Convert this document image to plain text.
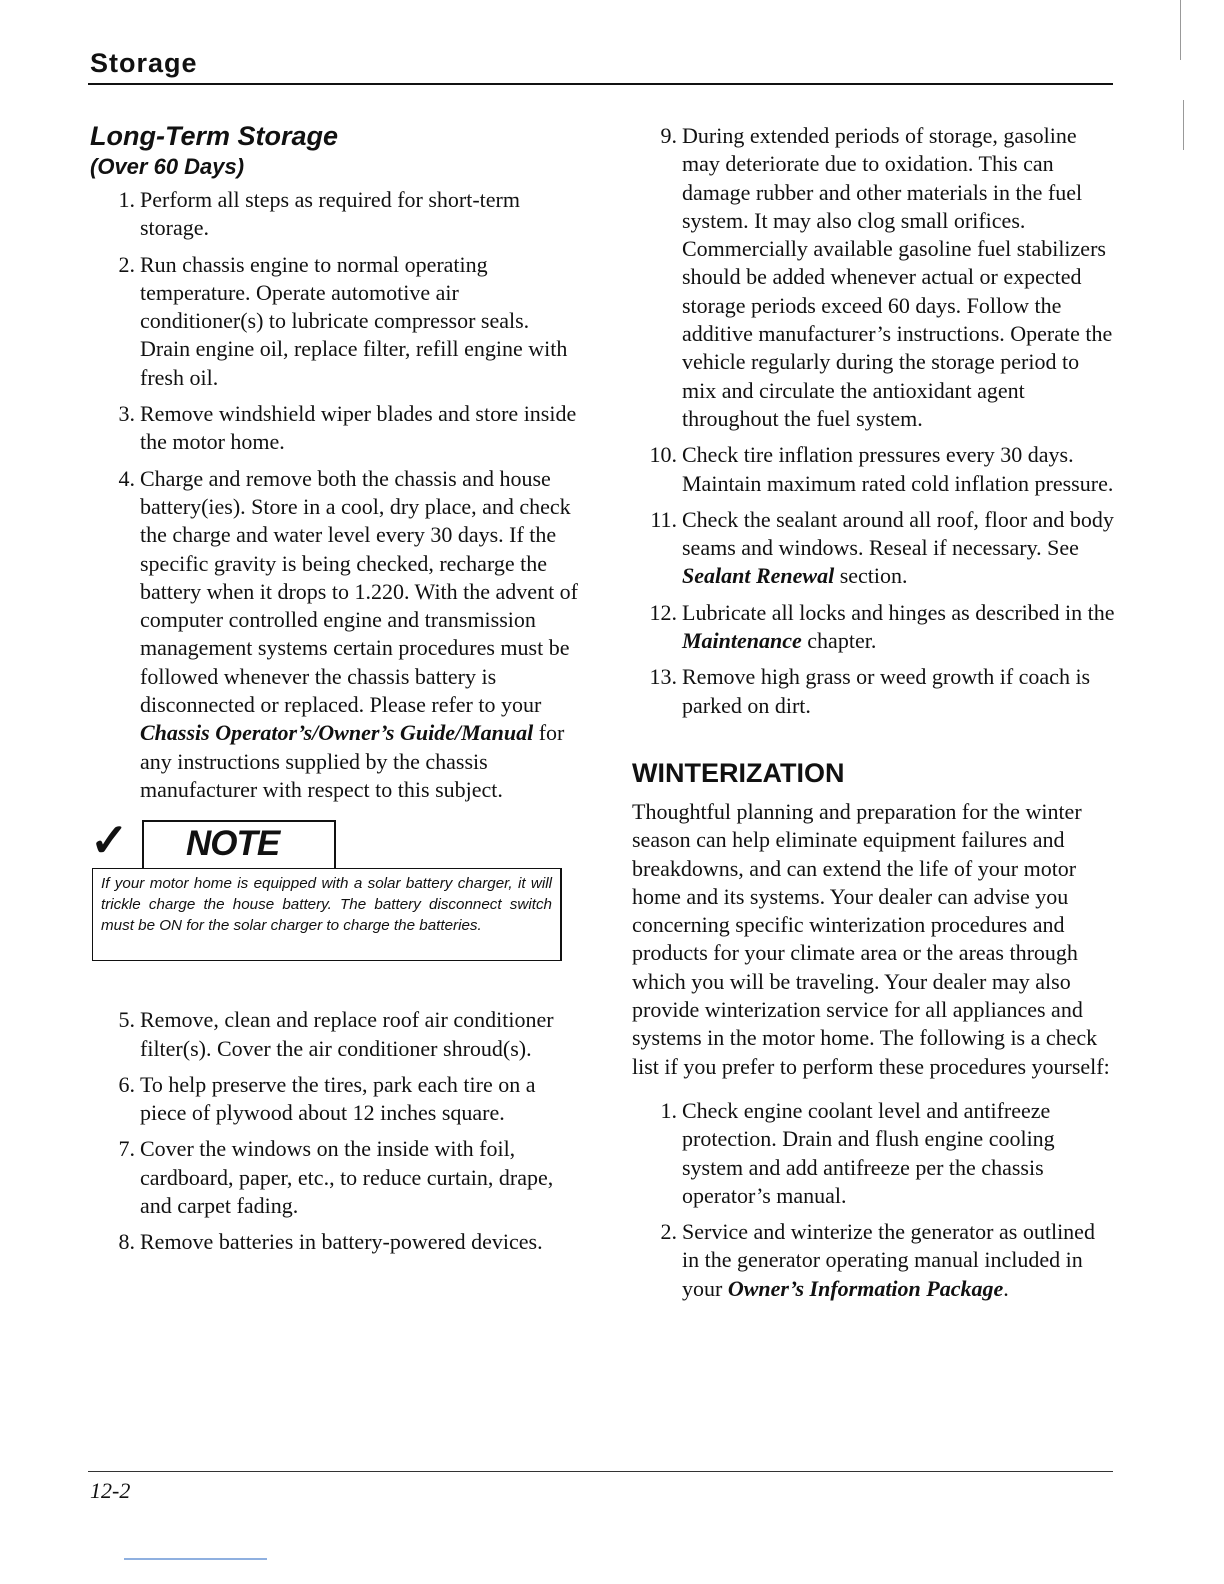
Storage
Long-Term Storage
(Over 60 Days)
1. Perform all steps as required for short-term storage.
2. Run chassis engine to normal operating temperature. Operate automotive air conditioner(s) to lubricate compressor seals. Drain engine oil, replace filter, refill engine with fresh oil.
3. Remove windshield wiper blades and store inside the motor home.
4. Charge and remove both the chassis and house battery(ies). Store in a cool, dry place, and check the charge and water level every 30 days. If the specific gravity is being checked, recharge the battery when it drops to 1.220. With the advent of computer controlled engine and transmission management systems certain procedures must be followed whenever the chassis battery is disconnected or replaced. Please refer to your Chassis Operator’s/Owner’s Guide/Manual for any instructions supplied by the chassis manufacturer with respect to this subject.
✓ NOTE
If your motor home is equipped with a solar battery charger, it will trickle charge the house battery. The battery disconnect switch must be ON for the solar charger to charge the batteries.
5. Remove, clean and replace roof air conditioner filter(s). Cover the air conditioner shroud(s).
6. To help preserve the tires, park each tire on a piece of plywood about 12 inches square.
7. Cover the windows on the inside with foil, cardboard, paper, etc., to reduce curtain, drape, and carpet fading.
8. Remove batteries in battery-powered devices.
9. During extended periods of storage, gasoline may deteriorate due to oxidation. This can damage rubber and other materials in the fuel system. It may also clog small orifices. Commercially available gasoline fuel stabilizers should be added whenever actual or expected storage periods exceed 60 days. Follow the additive manufacturer’s instructions. Operate the vehicle regularly during the storage period to mix and circulate the antioxidant agent throughout the fuel system.
10. Check tire inflation pressures every 30 days. Maintain maximum rated cold inflation pressure.
11. Check the sealant around all roof, floor and body seams and windows. Reseal if necessary. See Sealant Renewal section.
12. Lubricate all locks and hinges as described in the Maintenance chapter.
13. Remove high grass or weed growth if coach is parked on dirt.
WINTERIZATION

Thoughtful planning and preparation for the winter season can help eliminate equipment failures and breakdowns, and can extend the life of your motor home and its systems. Your dealer can advise you concerning specific winterization procedures and products for your climate area or the areas through which you will be traveling. Your dealer may also provide winterization service for all appliances and systems in the motor home. The following is a check list if you prefer to perform these procedures yourself:

1. Check engine coolant level and antifreeze protection. Drain and flush engine cooling system and add antifreeze per the chassis operator’s manual.
2. Service and winterize the generator as outlined in the generator operating manual included in your Owner’s Information Package.
12-2
